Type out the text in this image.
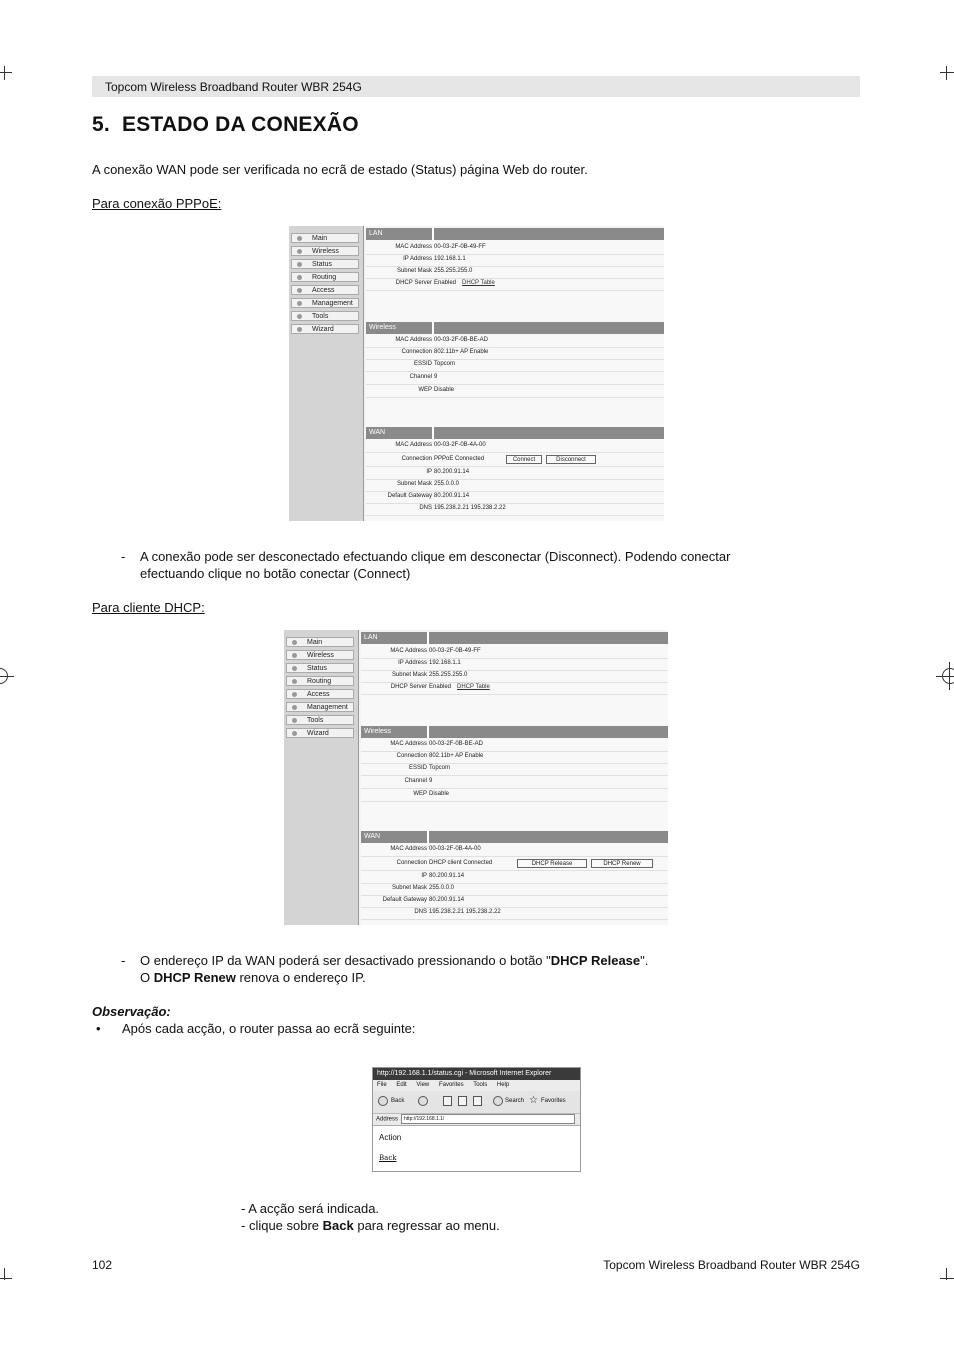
Topcom Wireless Broadband Router WBR 254G
5. ESTADO DA CONEXÃO
A conexão WAN pode ser verificada no ecrã de estado (Status) página Web do router.
Para conexão PPPoE:
Main
Wireless
Status
Routing
Access
Management
Tools
Wizard
LAN
MAC Address 00-03-2F-0B-49-FF
IP Address 192.168.1.1
Subnet Mask 255.255.255.0
DHCP Server Enabled DHCP Table
Wireless
MAC Address 00-03-2F-0B-BE-AD
Connection 802.11b+ AP Enable
ESSID Topcom
Channel 9
WEP Disable
WAN
MAC Address 00-03-2F-0B-4A-00
Connection PPPoE Connected	Connect	Disconnect
IP 80.200.91.14
Subnet Mask 255.0.0.0
Default Gateway 80.200.91.14
DNS 195.238.2.21 195.238.2.22
- A conexão pode ser desconectado efectuando clique em desconectar (Disconnect). Podendo conectar
efectuando clique no botão conectar (Connect)
Para cliente DHCP:
Main
Wireless
Status
Routing
Access
Management
Tools
Wizard
LAN
MAC Address 00-03-2F-0B-49-FF
IP Address 192.168.1.1
Subnet Mask 255.255.255.0
DHCP Server Enabled DHCP Table
Wireless
MAC Address 00-03-2F-0B-BE-AD
Connection 802.11b+ AP Enable
ESSID Topcom
Channel 9
WEP Disable
WAN
MAC Address 00-03-2F-0B-4A-00
Connection DHCP client Connected	DHCP Release	DHCP Renew
IP 80.200.91.14
Subnet Mask 255.0.0.0
Default Gateway 80.200.91.14
DNS 195.238.2.21 195.238.2.22
- O endereço IP da WAN poderá ser desactivado pressionando o botão "DHCP Release".
O DHCP Renew renova o endereço IP.
Observação:
• Após cada acção, o router passa ao ecrã seguinte:
http://192.168.1.1/status.cgi - Microsoft Internet Explorer
File Edit View Favorites Tools Help
Back	Search ☆ Favorites
Address http://192.168.1.1/
Action
Back
- A acção será indicada.
- clique sobre Back para regressar ao menu.
102	Topcom Wireless Broadband Router WBR 254G
